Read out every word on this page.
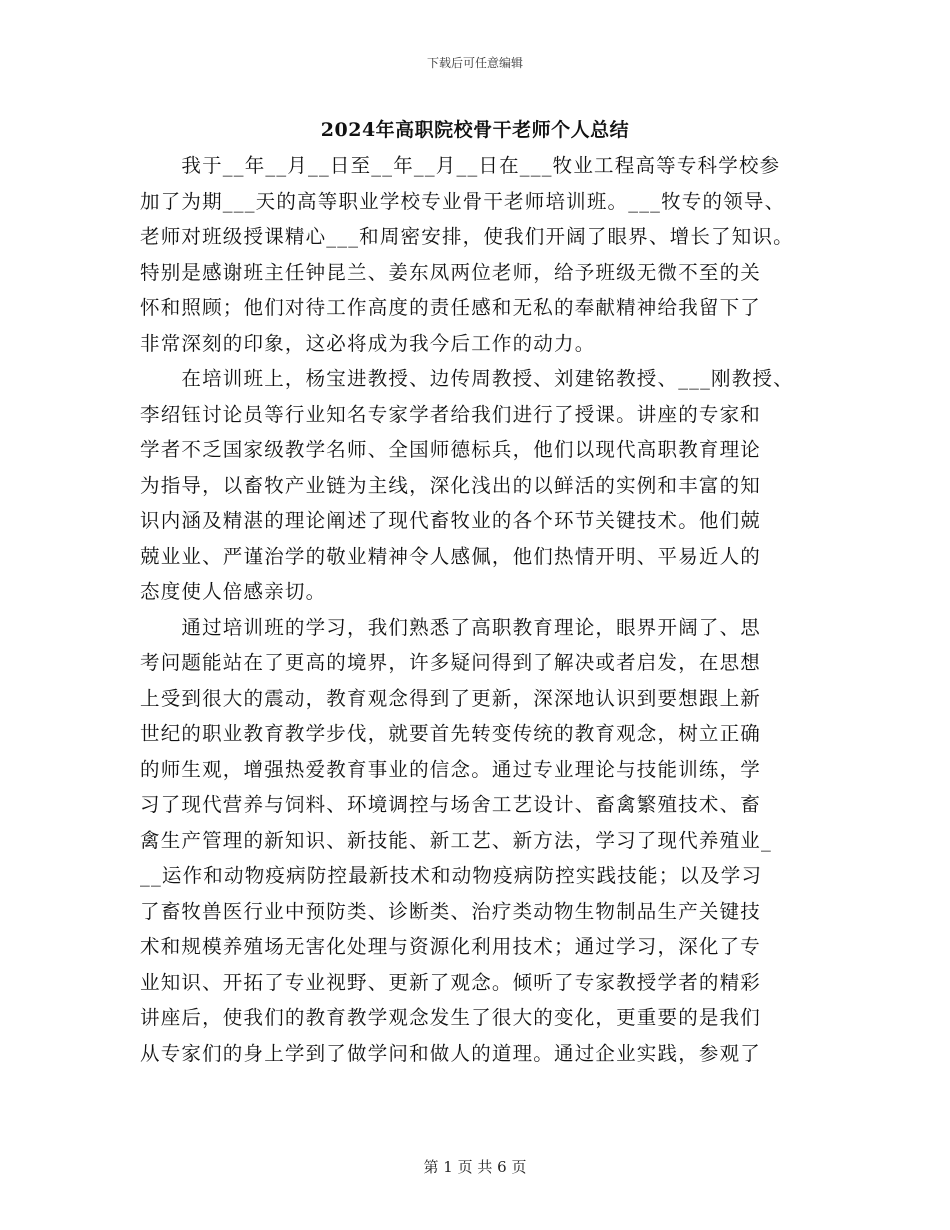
下载后可任意编辑
2024年高职院校骨干老师个人总结
　　我于__年__月__日至__年__月__日在___牧业工程高等专科学校参
加了为期___天的高等职业学校专业骨干老师培训班。___牧专的领导、
老师对班级授课精心___和周密安排，使我们开阔了眼界、增长了知识。
特别是感谢班主任钟昆兰、姜东凤两位老师，给予班级无微不至的关
怀和照顾；他们对待工作高度的责任感和无私的奉献精神给我留下了
非常深刻的印象，这必将成为我今后工作的动力。
　　在培训班上，杨宝进教授、边传周教授、刘建铭教授、___刚教授、
李绍钰讨论员等行业知名专家学者给我们进行了授课。讲座的专家和
学者不乏国家级教学名师、全国师德标兵，他们以现代高职教育理论
为指导，以畜牧产业链为主线，深化浅出的以鲜活的实例和丰富的知
识内涵及精湛的理论阐述了现代畜牧业的各个环节关键技术。他们兢
兢业业、严谨治学的敬业精神令人感佩，他们热情开明、平易近人的
态度使人倍感亲切。
　　通过培训班的学习，我们熟悉了高职教育理论，眼界开阔了、思
考问题能站在了更高的境界，许多疑问得到了解决或者启发，在思想
上受到很大的震动，教育观念得到了更新，深深地认识到要想跟上新
世纪的职业教育教学步伐，就要首先转变传统的教育观念，树立正确
的师生观，增强热爱教育事业的信念。通过专业理论与技能训练，学
习了现代营养与饲料、环境调控与场舍工艺设计、畜禽繁殖技术、畜
禽生产管理的新知识、新技能、新工艺、新方法，学习了现代养殖业_
__运作和动物疫病防控最新技术和动物疫病防控实践技能；以及学习
了畜牧兽医行业中预防类、诊断类、治疗类动物生物制品生产关键技
术和规模养殖场无害化处理与资源化利用技术；通过学习，深化了专
业知识、开拓了专业视野、更新了观念。倾听了专家教授学者的精彩
讲座后，使我们的教育教学观念发生了很大的变化，更重要的是我们
从专家们的身上学到了做学问和做人的道理。通过企业实践，参观了
第 1 页 共 6 页
